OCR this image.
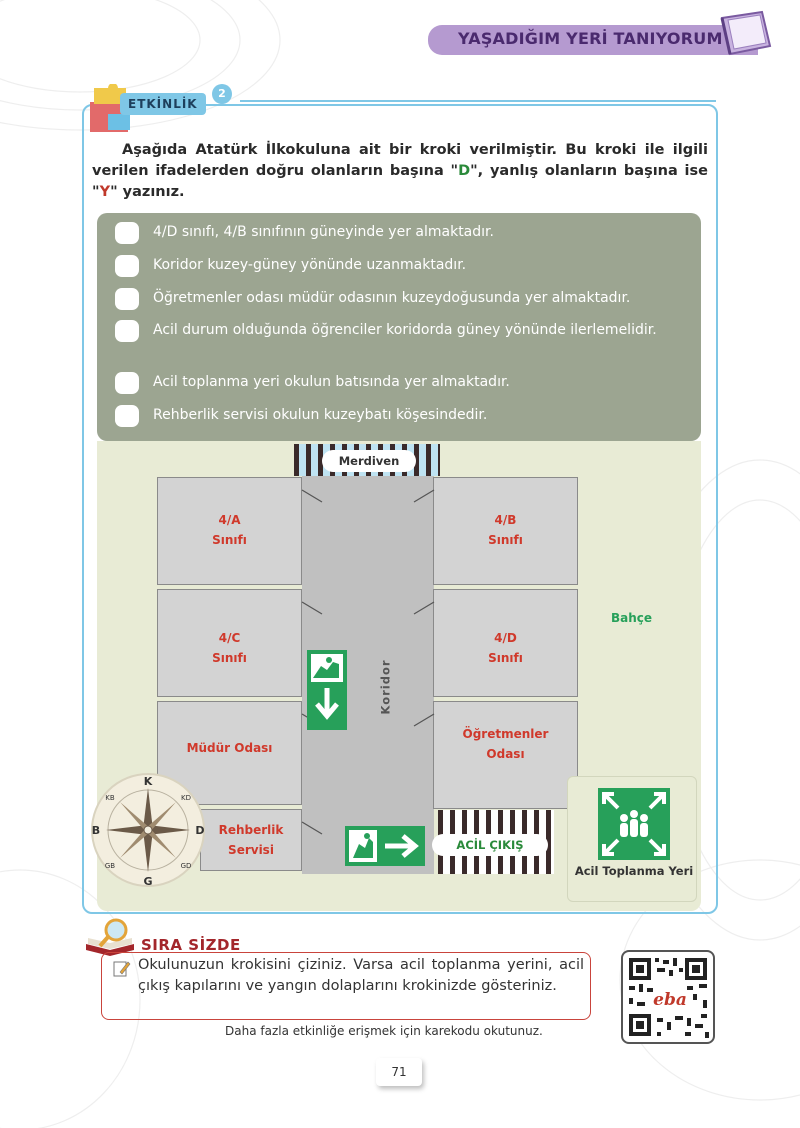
YAŞADIĞIM YERİ TANIYORUM
ETKİNLİK
2
Aşağıda Atatürk İlkokuluna ait bir kroki verilmiştir. Bu kroki ile ilgili verilen ifadelerden doğru olanların başına "D", yanlış olanların başına ise "Y" yazınız.
4/D sınıfı, 4/B sınıfının güneyinde yer almaktadır.
Koridor kuzey-güney yönünde uzanmaktadır.
Öğretmenler odası müdür odasının kuzeydoğusunda yer almaktadır.
Acil durum olduğunda öğrenciler koridorda güney yönünde ilerlemelidir.
Acil toplanma yeri okulun batısında yer almaktadır.
Rehberlik servisi okulun kuzeybatı köşesindedir.
Merdiven
Koridor
4/A
Sınıfı
4/C
Sınıfı
Müdür Odası
Rehberlik
Servisi
4/B
Sınıfı
4/D
Sınıfı
Öğretmenler
Odası
ACİL ÇIKIŞ
Bahçe
Acil Toplanma Yeri
K
G
D
B
KD
KB
GD
GB
SIRA SİZDE
Okulunuzun krokisini çiziniz. Varsa acil toplanma yerini, acil çıkış kapılarını ve yangın dolaplarını krokinizde gösteriniz.
Daha fazla etkinliğe erişmek için karekodu okutunuz.
eba
71
